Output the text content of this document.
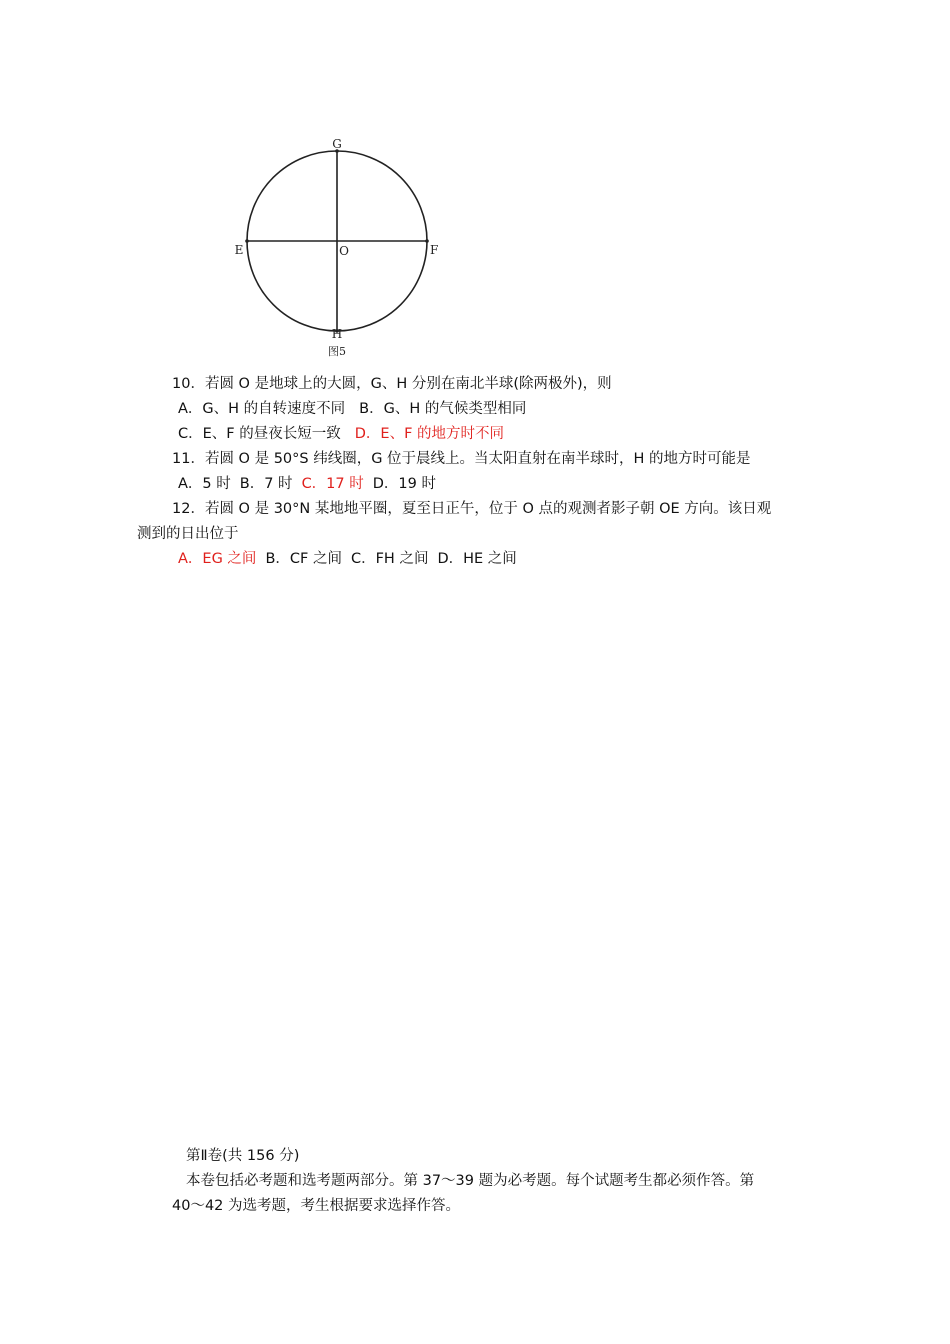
G
H
E	F
O
图5
10．若圆 O 是地球上的大圆，G、H 分别在南北半球(除两极外)，则
A．G、H 的自转速度不同 B．G、H 的气候类型相同
C．E、F 的昼夜长短一致 D．E、F 的地方时不同
11．若圆 O 是 50°S 纬线圈，G 位于晨线上。当太阳直射在南半球时，H 的地方时可能是
A．5 时 B．7 时 C．17 时 D．19 时
12．若圆 O 是 30°N 某地地平圈，夏至日正午，位于 O 点的观测者影子朝 OE 方向。该日观
测到的日出位于
A．EG 之间 B．CF 之间 C．FH 之间 D．HE 之间
第Ⅱ卷(共 156 分)
本卷包括必考题和选考题两部分。第 37～39 题为必考题。每个试题考生都必须作答。第
40～42 为选考题，考生根据要求选择作答。
